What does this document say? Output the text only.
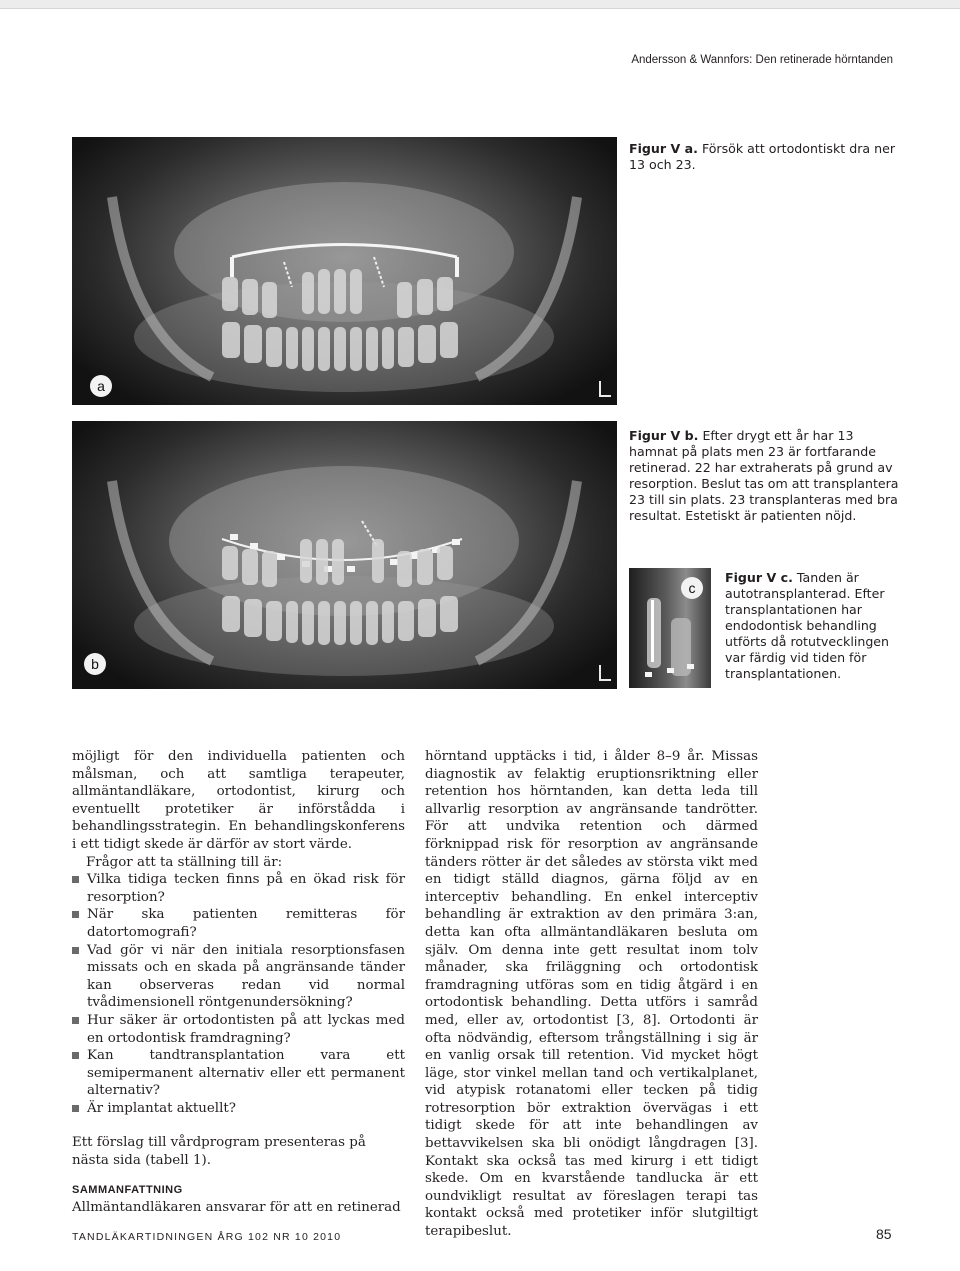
Andersson & Wannfors: Den retinerade hörntanden
a
Figur V a. Försök att ortodontiskt dra ner 13 och 23.
b
Figur V b. Efter drygt ett år har 13 hamnat på plats men 23 är fortfarande retinerad. 22 har extraherats på grund av resorption. Beslut tas om att transplantera 23 till sin plats. 23 transplanteras med bra resultat. Estetiskt är patienten nöjd.
c
Figur V c. Tanden är autotransplanterad. Efter transplantationen har endodontisk behandling utförts då rotutvecklingen var färdig vid tiden för transplantationen.

möjligt för den individuella patienten och målsman, och att samtliga terapeuter, allmäntandläkare, ortodontist, kirurg och eventuellt protetiker är införstådda i behandlingsstrategin. En behandlingskonferens i ett tidigt skede är därför av stort värde.

Frågor att ta ställning till är:

Vilka tidiga tecken finns på en ökad risk för resorption?
När ska patienten remitteras för datortomografi?
Vad gör vi när den initiala resorptionsfasen missats och en skada på angränsande tänder kan observeras redan vid normal tvådimensionell röntgenundersökning?
Hur säker är ortodontisten på att lyckas med en ortodontisk framdragning?
Kan tandtransplantation vara ett semipermanent alternativ eller ett permanent alternativ?
Är implantat aktuellt?

Ett förslag till vårdprogram presenteras på nästa sida (tabell 1).

SAMMANFATTNING

Allmäntandläkaren ansvarar för att en retinerad

hörntand upptäcks i tid, i ålder 8–9 år. Missas diagnostik av felaktig eruptionsriktning eller retention hos hörntanden, kan detta leda till allvarlig resorption av angränsande tandrötter. För att undvika retention och därmed förknippad risk för resorption av angränsande tänders rötter är det således av största vikt med en tidigt ställd diagnos, gärna följd av en interceptiv behandling. En enkel interceptiv behandling är extraktion av den primära 3:an, detta kan ofta allmäntandläkaren besluta om själv. Om denna inte gett resultat inom tolv månader, ska friläggning och ortodontisk framdragning utföras som en tidig åtgärd i en ortodontisk behandling. Detta utförs i samråd med, eller av, ortodontist [3, 8]. Ortodonti är ofta nödvändig, eftersom trångställning i sig är en vanlig orsak till retention. Vid mycket högt läge, stor vinkel mellan tand och vertikalplanet, vid atypisk rotanatomi eller tecken på tidig rotresorption bör extraktion övervägas i ett tidigt skede för att inte behandlingen av bettavvikelsen ska bli onödigt långdragen [3]. Kontakt ska också tas med kirurg i ett tidigt skede. Om en kvarstående tandlucka är ett oundvikligt resultat av föreslagen terapi tas kontakt också med protetiker inför slutgiltigt terapibeslut.

TANDLÄKARTIDNINGEN ÅRG 102 NR 10 2010	85
